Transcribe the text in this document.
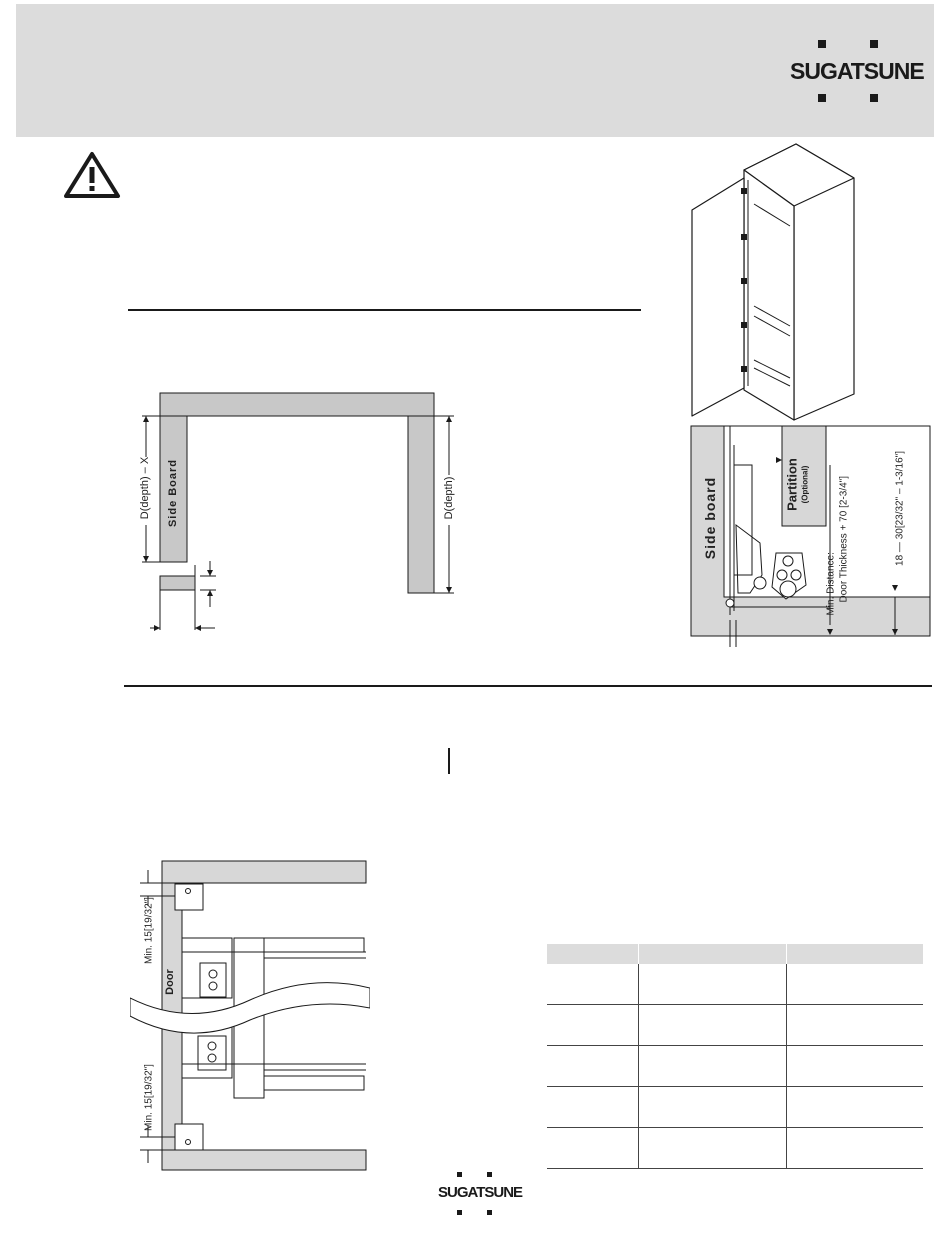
SUGATSUNE
D(depth) – X Side Board	D(depth)	Side board	Partition (Optional)
Min. Distance: Door Thickness + 70 [2-3/4"]	18 — 30[23/32" – 1-3/16"]
Door
Min. 15[19/32"]
Min. 15[19/32"]

SUGATSUNE
